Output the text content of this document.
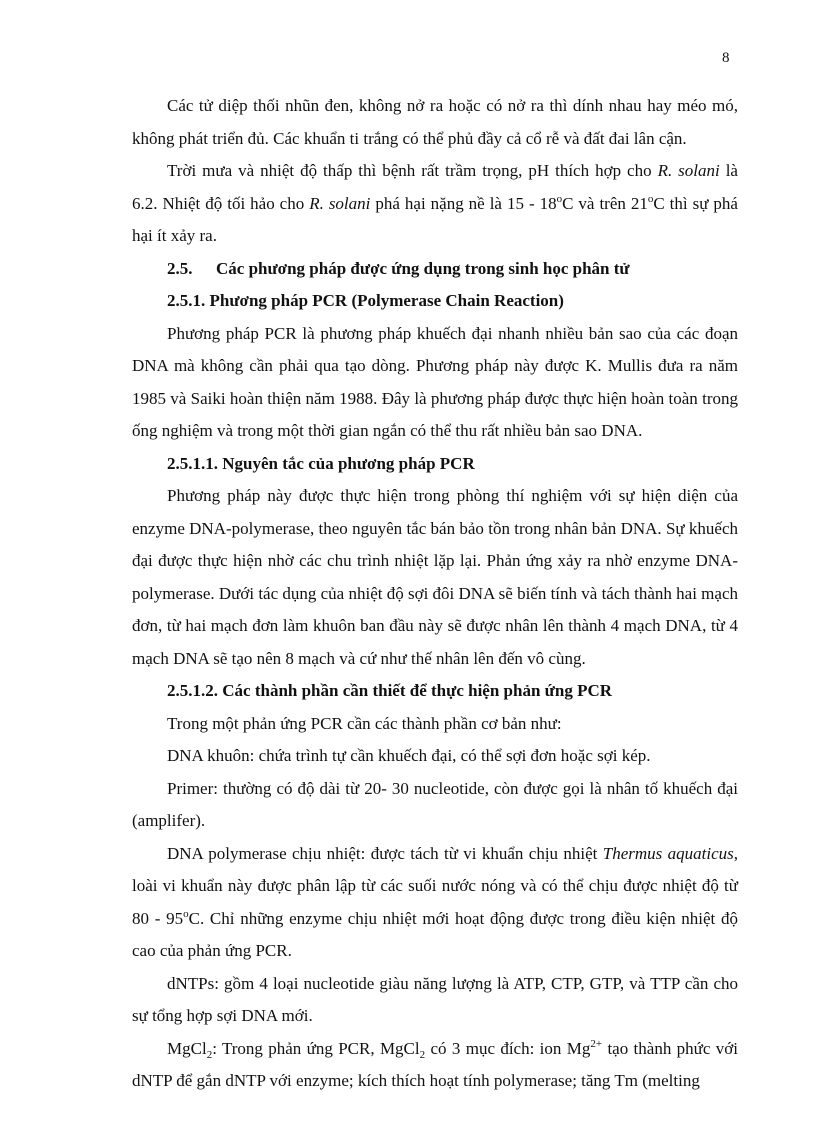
8

Các tử diệp thối nhũn đen, không nở ra hoặc có nở ra thì dính nhau hay méo mó, không phát triển đủ. Các khuẩn ti trắng có thể phủ đầy cả cổ rễ và đất đai lân cận.

Trời mưa và nhiệt độ thấp thì bệnh rất trầm trọng, pH thích hợp cho R. solani là 6.2. Nhiệt độ tối hảo cho R. solani phá hại nặng nề là 15 - 18$^o$C và trên 21$^o$C thì sự phá hại ít xảy ra.

2.5. Các phương pháp được ứng dụng trong sinh học phân tử
2.5.1. Phương pháp PCR (Polymerase Chain Reaction)

Phương pháp PCR là phương pháp khuếch đại nhanh nhiều bản sao của các đoạn DNA mà không cần phải qua tạo dòng. Phương pháp này được K. Mullis đưa ra năm 1985 và Saiki hoàn thiện năm 1988. Đây là phương pháp được thực hiện hoàn toàn trong ống nghiệm và trong một thời gian ngắn có thể thu rất nhiều bản sao DNA.

2.5.1.1. Nguyên tắc của phương pháp PCR

Phương pháp này được thực hiện trong phòng thí nghiệm với sự hiện diện của enzyme DNA-polymerase, theo nguyên tắc bán bảo tồn trong nhân bản DNA. Sự khuếch đại được thực hiện nhờ các chu trình nhiệt lặp lại. Phản ứng xảy ra nhờ enzyme DNA-polymerase. Dưới tác dụng của nhiệt độ sợi đôi DNA sẽ biến tính và tách thành hai mạch đơn, từ hai mạch đơn làm khuôn ban đầu này sẽ được nhân lên thành 4 mạch DNA, từ 4 mạch DNA sẽ tạo nên 8 mạch và cứ như thế nhân lên đến vô cùng.

2.5.1.2. Các thành phần cần thiết để thực hiện phản ứng PCR

Trong một phản ứng PCR cần các thành phần cơ bản như:

DNA khuôn: chứa trình tự cần khuếch đại, có thể sợi đơn hoặc sợi kép.

Primer: thường có độ dài từ 20- 30 nucleotide, còn được gọi là nhân tố khuếch đại (amplifer).

DNA polymerase chịu nhiệt: được tách từ vi khuẩn chịu nhiệt Thermus aquaticus, loài vi khuẩn này được phân lập từ các suối nước nóng và có thể chịu được nhiệt độ từ 80 - 95$^o$C. Chỉ những enzyme chịu nhiệt mới hoạt động được trong điều kiện nhiệt độ cao của phản ứng PCR.

dNTPs: gồm 4 loại nucleotide giàu năng lượng là ATP, CTP, GTP, và TTP cần cho sự tổng hợp sợi DNA mới.

MgCl$_2$: Trong phản ứng PCR, MgCl$_2$ có 3 mục đích: ion $Mg^{2+}$ tạo thành phức với dNTP để gắn dNTP với enzyme; kích thích hoạt tính polymerase; tăng Tm (melting
